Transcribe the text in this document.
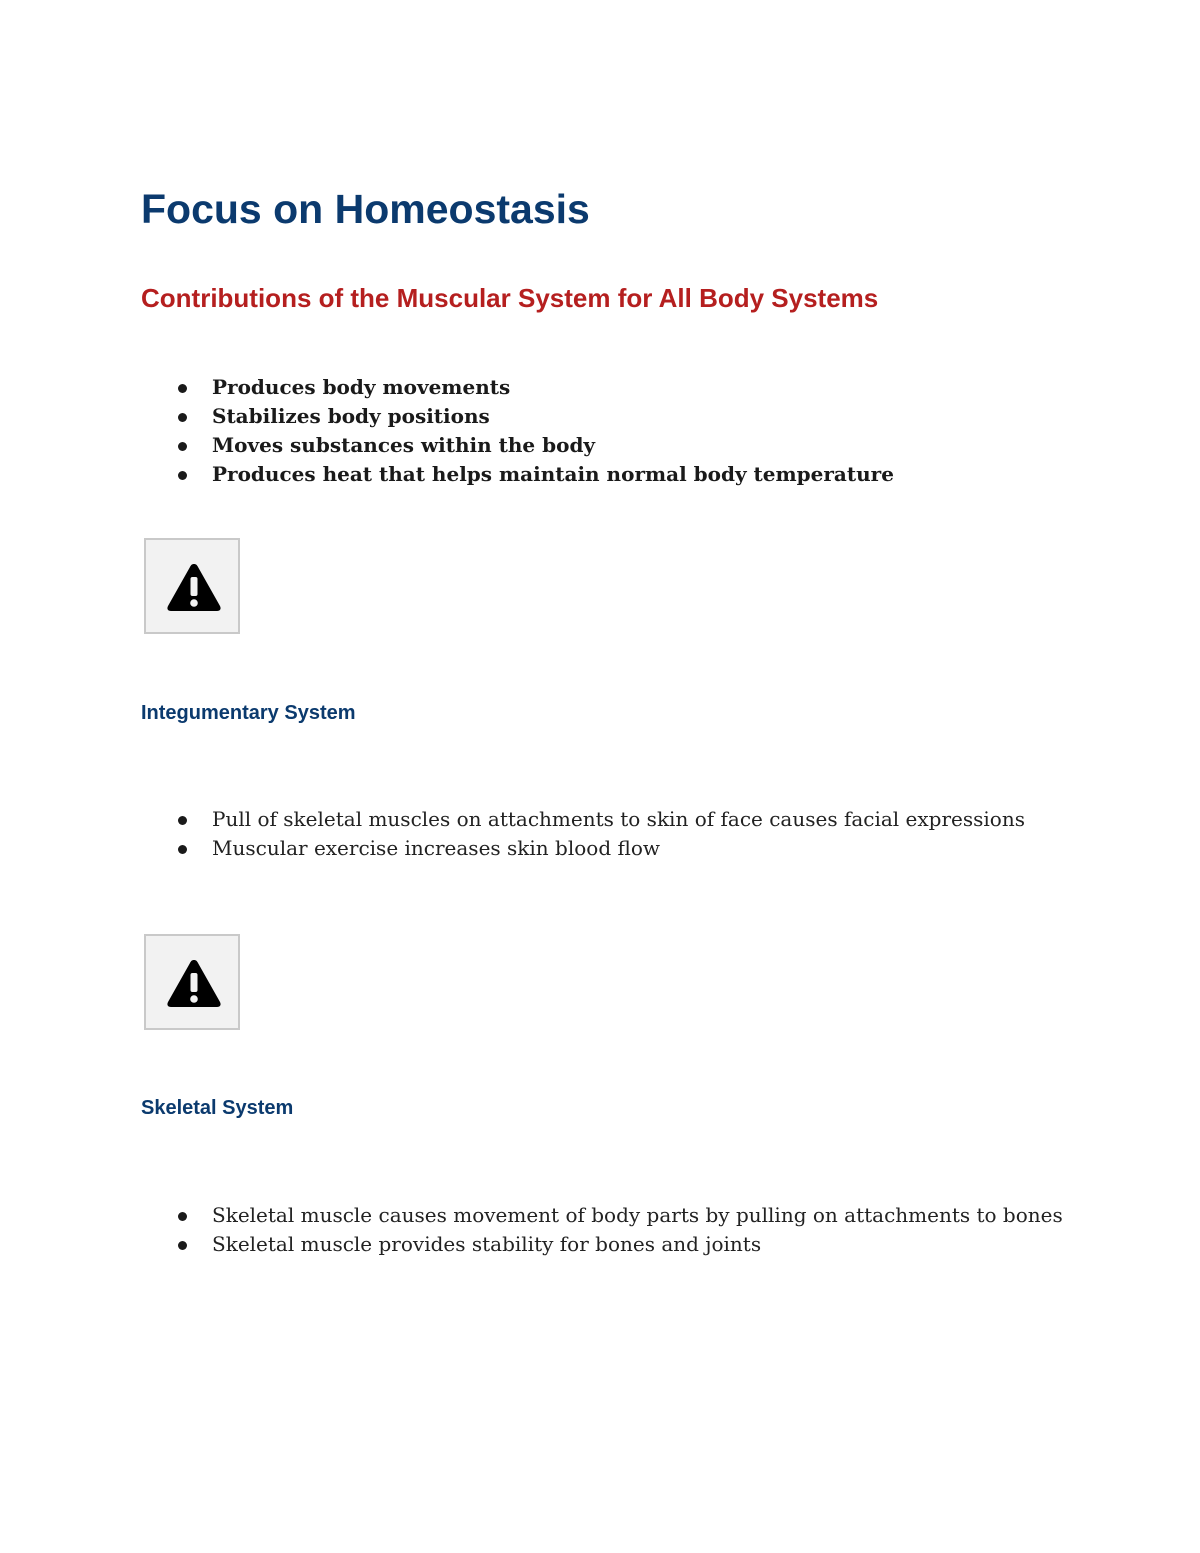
Focus on Homeostasis
Contributions of the Muscular System for All Body Systems
Produces body movements
Stabilizes body positions
Moves substances within the body
Produces heat that helps maintain normal body temperature
Integumentary System
Pull of skeletal muscles on attachments to skin of face causes facial expressions
Muscular exercise increases skin blood flow
Skeletal System
Skeletal muscle causes movement of body parts by pulling on attachments to bones
Skeletal muscle provides stability for bones and joints
